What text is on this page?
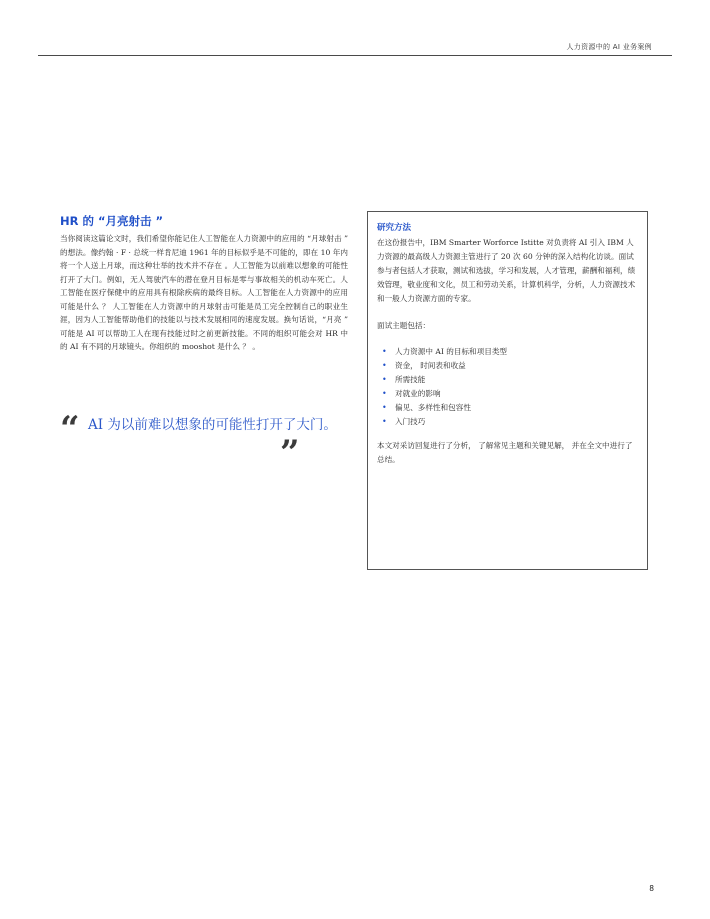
人力资源中的 AI 业务案例
HR 的 “月亮射击 ”

当你阅读这篇论文时，我们希望你能记住人工智能在人力资源中的应用的 “月球射击 ” 的想法。像约翰 · F · 总统一样肯尼迪 1961 年的目标似乎是不可能的，即在 10 年内将一个人送上月球，而这种壮举的技术并不存在 。人工智能为以前难以想象的可能性打开了大门。例如，无人驾驶汽车的潜在登月目标是零与事故相关的机动车死亡。人工智能在医疗保健中的应用具有根除疾病的最终目标。人工智能在人力资源中的应用可能是什么 ？ 人工智能在人力资源中的月球射击可能是员工完全控制自己的职业生涯，因为人工智能帮助他们的技能以与技术发展相同的速度发展。换句话说，“月亮 ” 可能是 AI 可以帮助工人在现有技能过时之前更新技能。不同的组织可能会对 HR 中的 AI 有不同的月球镜头。你组织的 mooshot 是什么 ？ 。

“ AI 为以前难以想象的可能性打开了大门。
”
研究方法

在这份报告中，IBM Smarter Worforce Istitte 对负责将 AI 引入 IBM 人力资源的最高级人力资源主管进行了 20 次 60 分钟的深入结构化访谈。面试参与者包括人才获取，测试和选拔，学习和发展，人才管理，薪酬和福利，绩效管理，敬业度和文化，员工和劳动关系，计算机科学，分析，人力资源技术和一般人力资源方面的专家。

面试主题包括：

• 人力资源中 AI 的目标和项目类型
• 资金， 时间表和收益
• 所需技能
• 对就业的影响
• 偏见、多样性和包容性
• 入门技巧

本文对采访回复进行了分析， 了解常见主题和关键见解， 并在全文中进行了总结。

8
